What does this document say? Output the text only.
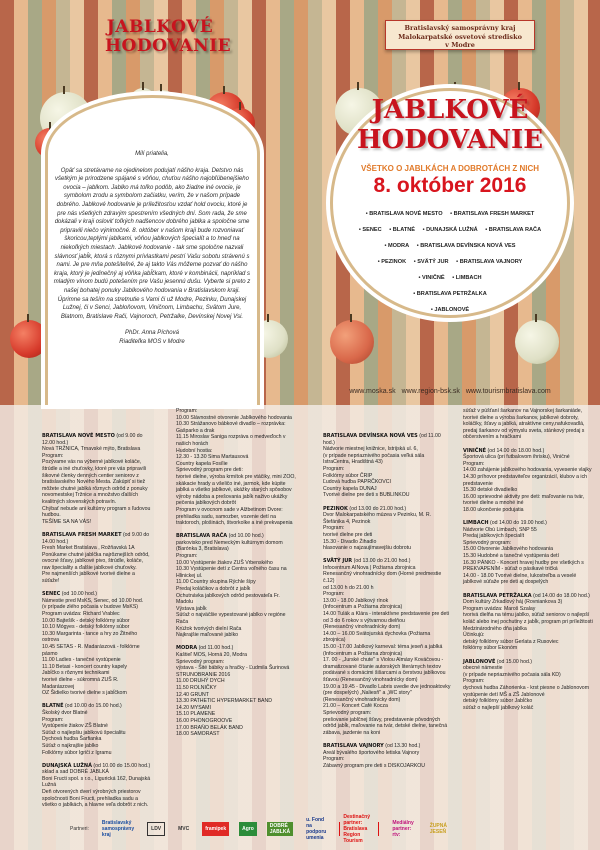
JABLKOVÉ
HODOVANIE
Milí priatelia,
Opäť sa stretávame na ojedinelom podujatí nášho kraja. Detstvo nás všetkým je prirodzene spájané s vôňou, chuťou nášho najobľúbenejšieho ovocia – jablkom. Jablko má toľko podôb, ako žiadne iné ovocie, je symbolom zrodu a symbolom začiatku, verím, že v našom prípade dobrého. Jablkové hodovanie je príležitosťou vzdať hold ovociu, ktoré je pre nás všetkých zdravým spestrením všedných dní. Som rada, že sme dokázali v kraji osloviť toľkých nadšencov dobrého jablka a spoločne sme pripravili niečo výnimočné. 8. október v našom kraji bude rozvoniavať škoricou,teplými jablkami, vôňou jablkových špecialít a to hneď na niekoľkých miestach. Jablkové hodovanie - tak sme spoločne nazvali slávnosť jabĺk, ktorá s rôznymi prívlastkami pestrí Vašu sobotu strávenú s nami. Je pre mňa potešiteľné, že aj takto Vás môžeme pozvať do nášho kraja, ktorý je jedinečný aj vôňka jabĺčkam, ktoré v kombinácii, napríklad s mladým vínom budú potešením pre Vašu jesennú dušu. Vyberte si preto z našej bohatej ponuky Jablkového hodovania v Bratislavskom kraji. Úprimne sa teším na stretnutie s Vami či už Modre, Pezinku, Dunajskej Lužnej, či v Senci, Jabloňovom, Viničnom, Limbachu, Svätom Jure, Blatnom, Bratislave Rači, Vajnoroch, Petržalke, Devínskej Novej Vsi.
PhDr. Anna Píchová
Riaditeľka MOS v Modre
Bratislavský samosprávny kraj
Malokarpatské osvetové stredisko
v Modre
JABLKOVÉ
HODOVANIE
VŠETKO O JABLKÁCH A DOBROTÁCH Z NICH
8. október 2016
• BRATISLAVA NOVÉ MESTO • BRATISLAVA FRESH MARKET
• SENEC • BLATNÉ • DUNAJSKÁ LUŽNÁ • BRATISLAVA RAČA
• MODRA • BRATISLAVA DEVÍNSKA NOVÁ VES
• PEZINOK • SVÄTÝ JUR • BRATISLAVA VAJNORY
• VINIČNÉ • LIMBACH
• BRATISLAVA PETRŽALKA
• JABLONOVÉ
www.moska.sk www.region-bsk.sk www.tourismbratislava.com
BRATISLAVA NOVÉ MESTO (od 9.00 do 12.00 hod.)
Nová TRŽNICA, Trnavské mýto, Bratislava
Program:
Pozývame vás na výberné jablkové koláče, štrúdle a iné chuťovky, ktoré pre vás pripravili šikovné členky denných centier seniorov z bratislavského Nového Mesta. Zakúpiť si tiež môžete chutné jablká rôznych odrôd z ponuky novomestskej Tržnice a množstvo ďalších kvalitných slovenských potravín.
Chýbať nebude ani kultúrny program s ľudovou hudbou.
TEŠÍME SA NA VÁS!
BRATISLAVA FRESH MARKET (od 9.00 do 14.00 hod.)
Fresh Market Bratislava , Rožňavská 1A
Ponúkame chutné jablčka najrôznejších odrôd, ovocné šťavy, jablkové pivo, štrúdle, koláče, raw špeciality a ďalšie jablkové chuťovky.
Pre najmenších jablkové tvorivé dielne a súťaže!
SENEC (od 10.00 hod.)
Námestie pred MsKS, Senec, od 10.00 hod.
(v prípade zlého počasia v budove MsKS)
Program uvádza: Richard Vrablec
10.00 Bajtešík - detský folklórny súbor
10.10 Mógyes - detský folklórny súbor
10.30 Margarinta - tance a hry zo Žitného ostrova
10.45 SETAS - R. Madarászová - folklórne pásmo
11.00 Ladies - tanečné vystúpenie
11.10 Betasi - koncert country kapely
Jabĺčko s rôznymi technikami
tvorivé dielne - súkromná ZUŠ R. Madarászovej
OZ Šidielko tvorivé dielne s jabĺčkom
BLATNÉ (od 10.00 do 15.00 hod.)
Školský dvor Blatné
Program:
Vystúpenie žiakov ZŠ Blatné
Súťaž o najlepšiu jablkovú špecialitu
Dychová hudba Šarfianka
Súťaž o najkrajšie jablko
Folklórny súbor Igriči z Igramu
DUNAJSKÁ LUŽNÁ (od 10.00 do 15.00 hod.)
sklad a sad DOBRÉ JABLKÁ
Boni Fructi spol. s r.o., Ligurická 162, Dunajská Lužná
Deň otvorených dverí výrobných priestorov spoločnosti Boni Fructi, prehliadka sadu a všetko o jablkách, a hlavne veľa dobrôt z nich.
Program:
10.00 Slávnostné otvorenie Jablkového hodovania
10.30 Strážanovo bábkové divadlo – rozprávka: Gašparko a drak
11.15 Miroslav Saniga rozpráva o medveďoch v našich horách
Hudobní hostia:
12.30 - 13.30 Sima Martausová
Country kapela Fosílie
Sprievodný program pre deti:
tvorivé dielne, výroba krmítok pre vtáčiky, mini ZOO, skákacie hrady a všeličo iné, jarmok, kde kúpite jablká a všetko jablkové, ukážky starých spôsobov výroby nádoba a prešovania jabĺk naživo ukážky pečenia jablkových dobrôt
Program v ovocnom sade v Alžbetinom Dvore: prehliadka sadu, samozber, vozenie detí na traktoroch, plošinách, štvorkolke a iné prekvapenia
BRATISLAVA RAČA (od 10.00 hod.)
parkovisko pred Nemeckým kultúrnym domom (Barónka 3, Bratislava)
Program:
10.00 Vystúpenie žiakov ZUŠ Vrbenského
10.30 Vystúpenie detí z Centra voľného času na Hlinickej ul.
11.00 Country skupina Rýchle šípy
Predaj koláčikov a dobrôt z jabĺk
Ochutnávka jablkových odrôd pestovateľa Fr. Madolu
Výstava jabĺk
Súťaž o najväčšie vypestované jablko v regióne Rača
Krúžok tvorivých dielní Rača
Najkrajšie maľované jablko
MODRA (od 11.00 hod.)
Kaštieľ MOS, Horná 20, Modra
Sprievodný program:
výstava - Šité bábiky a hračky - Ľudmila Šurinová
STRUNOBRANIE 2016
11.00 DRUHÝ DYCH
11.50 ROLNIČKY
12.40 GRUNT
13.30 PATHETIC HYPERMARKET BAND
14.20 MYSAMI
15.10 PLAMENE
16.00 PHONOGROOVE
17.00 BRAŇO BELÁK BAND
18.00 SAMORAST
BRATISLAVA DEVÍNSKA NOVÁ VES (od 11.00 hod.)
Nádvorie miestnej knižnice, Istrijská ul. 6,
(v prípade nepriaznivého počasia veľká sála IstraCentra, Hradištná 43)
Program:
Folklórny súbor ČRIP
Ľudová hudba PAPRČKOVCI
Country kapela DUNAJ
Tvorivé dielne pre deti s BUBLINKOU
PEZINOK (od 13.00 do 21.00 hod.)
Dvor Malokarpatského múzea v Pezinku, M. R. Štefánika 4, Pezinok
Program:
tvorivé dielne pre deti
15.30 - Divadlo Žihadlo
hlasovanie o najzaujímavejšiu dobrotu
SVÄTÝ JUR (od 13.00 do 21.00 hod.)
Infocentrum AINova | Požiarna zbrojnica
Renesančný vinohradnícky dom (Horné predmestie č.12)
od 13.00 h do 21.00 h
Program:
13.00 - 18.00 Jablkový rínok
(Infocentrum a Požiarna zbrojnica)
14.00 Tulák a Klára - interaktívne predstavenie pre deti od 3 do 6 rokov s výtvarnou dielňou
(Renesančný vinohradnícky dom)
14.00 – 16.00 Svätojurská dychovka (Požiarna zbrojnica)
15.00 -17.00 Jablkový karneval: téma jeseň a jablká
(Infocentrum a Požiarna zbrojnica)
17. 00 - „Jurské chute" s Violou Almásy Kováčovou - dramatizované čítanie autorských literárnych textov podávané s domácimi šišarcami a čerstvou jablkovou šťavou (Renesančný vinohradnícky dom)
19.00 a 19.45 - Divadlo Labris uvedie dve jednoaktovky (pre dospelých) „Naliesň" a „WC story"
(Renesančný vinohradnícky dom)
21.00 – Koncert Café Kocza
Sprievodný program:
prešovanie jablčnej šťavy, predstavenie pôvodných odrôd jabĺk, maľovanie na tvár, detské dielne, tanečná zábava, jazdenie na koni
BRATISLAVA VAJNORY (od 13.30 hod.)
Areál bývalého športového letiska Vajnory
Program:
Zábavný program pre deti s DISKOJARKOU
súťaž v púšťaní šarkanov na Vajnorskej šarkaniáde, tvorivé dielne a výroba šarkanov, jablkové dobroty, koláčiky, šťavy a jablká, atraktívne ceny,nafukovadlá, predaj šarkanov od výmyslu sveta, stánkový predaj s občerstvením a hračkami
VINIČNÉ (od 14.00 do 18.00 hod.)
Športová ulica (pri futbalovom ihrisku), Viničné
Program:
14.00 zahájenie jablkového hodovania, vyvesenie vlajky
14.30 príhovor predstaviteľov organizácií, klubov a ich predstavenie
15.30 detské divadielko
16.00 sprievodné aktivity pre deti: maľovanie na tvár, tvorivé dielne a mnohé iné
18.00 ukončenie podujatia
LIMBACH (od 14.00 do 19.00 hod.)
Nádvorie Obú Limbach, SNP 55
Predaj jablkových špecialít
Sprievodný program:
15.00 Otvorenie Jablkového hodovania
15.30 Hudobné a tanečné vystúpenia detí
16.30 PÁNKO - Koncert hravej hudby pre všetkých s PREKVAPENÍM - súťaž o pásikavé tričká
14.00 - 18.00 Tvorivé dielne, lukostreľba a veselé jablkové súťaže pre deti aj dospelých
BRATISLAVA PETRŽALKA (od 14.00 do 18.00 hod.)
Dom kultúry Zrkadlový háj (Rovniankova 3)
Program uvádza: Maroš Szalay
tvorivá dielňa na tému jablko, súťaž seniorov o najlepší koláč alebo inej pochutiny z jabĺk, program pri príležitosti Medzinárodného dňa jablka
Účinkujú:
detský folklórny súbor Gerlata z Rusoviec
folklórny súbor Ekonóm
JABLONOVÉ (od 15.00 hod.)
obecné námestie
(v prípade nepriaznivého počasia sála KD)
Program:
dychová hudba Záhorienka - krst piesne o Jablonovom
vystúpenie detí MŠ a ZŠ Jablonové
detský folklórny súbor Jabĺčko
súťaž o najlepší jablkový koláč
Partneri:
Bratislavský samosprávny kraj
LDV	MVC	framipek	Agro	DOBRÉ JABLKÁ
u. Fond na podporu umenia
Destinačný partner: Bratislava Region Tourism
Mediálny partner: rtv:
ŽUPNÁ JESEŇ
